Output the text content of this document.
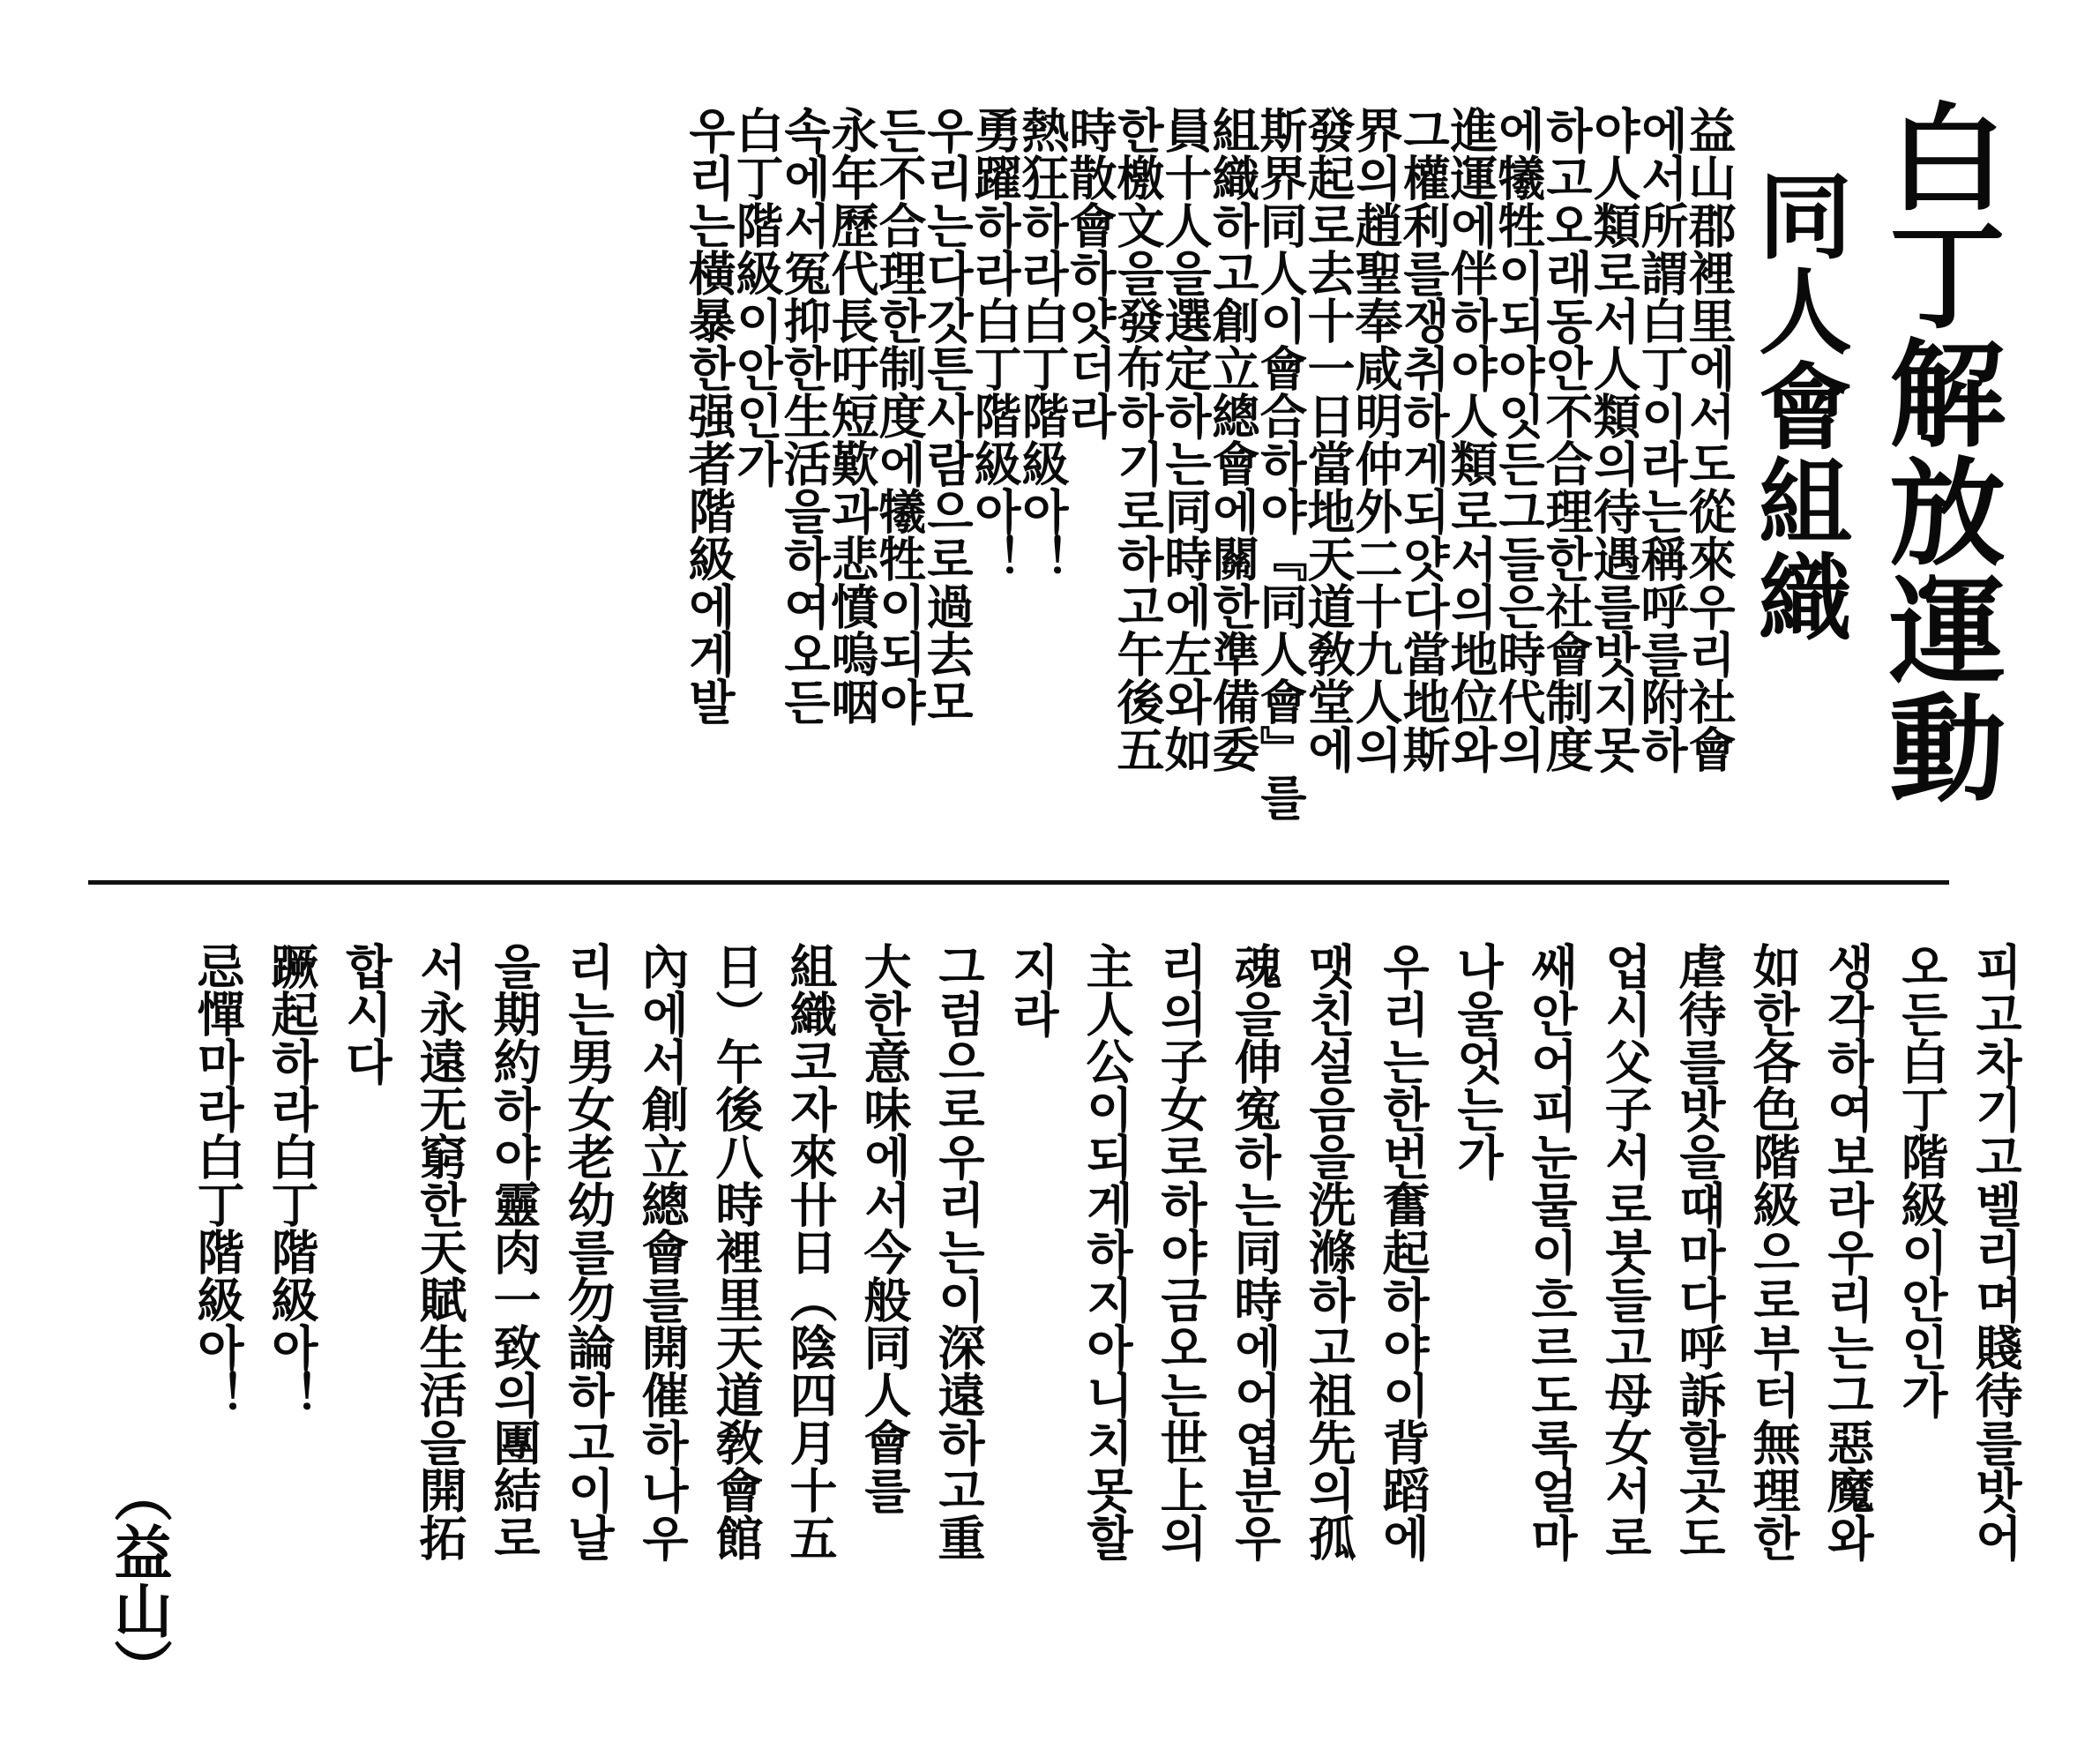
白丁解放運動
同人會組織
益山郡裡里에서도從來우리社會
에서所謂白丁이라는稱呼를附하
야人類로서人類의待遇를밧지못
하고오래동안不合理한社會制度
에犧牲이되야잇든그들은時代의
進運에伴하야人類로서의地位와
그權利를쟁취하게되얏다當地斯
界의趙聖奉咸明仲外二十九人의
發起로去十一日當地天道敎堂에
斯界同人이會合하야『同人會』를
組織하고創立總會에關한準備委
員十人을選定하는同時에左와如
한檄文을發布하기로하고午後五
時散會하얏더라
熱狂하라白丁階級아！
勇躍하라白丁階級아！
우리는다갓튼사람으로過去모
든不合理한制度에犧牲이되야
永年歷代長吁短歎과悲憤嗚咽
속에서冤抑한生活을하여오든
白丁階級이안인가
우리는橫暴한强者階級에게발
피고차기고벨리며賤待를밧어
오든白丁階級이안인가
생각하여보라우리는그惡魔와
如한各色階級으로부터無理한
虐待를밧을떄마다呼訴할곳도
업시父子서로붓들고母女서로
쌔안어피눈물이흐르도록얼마
나울엇는가
우리는한번奮起하야이背蹈에
맷친설음을洗滌하고祖先의孤
魂을伸寃하는同時에어엽분우
리의子女로하야금오는世上의
主人公이되게하지아니치못할
지라
그럼으로우리는이深遠하고重
大한意味에서今般同人會를
組織코자來卄日（陰四月十五
日）午後八時裡里天道敎會館
內에서創立總會를開催하나우
리는男女老幼를勿論하고이날
을期約하야靈肉一致의團結로
서永遠无窮한天賦生活을開拓
합시다
蹶起하라白丁階級아！
忌憚마라白丁階級아！
（益山）
